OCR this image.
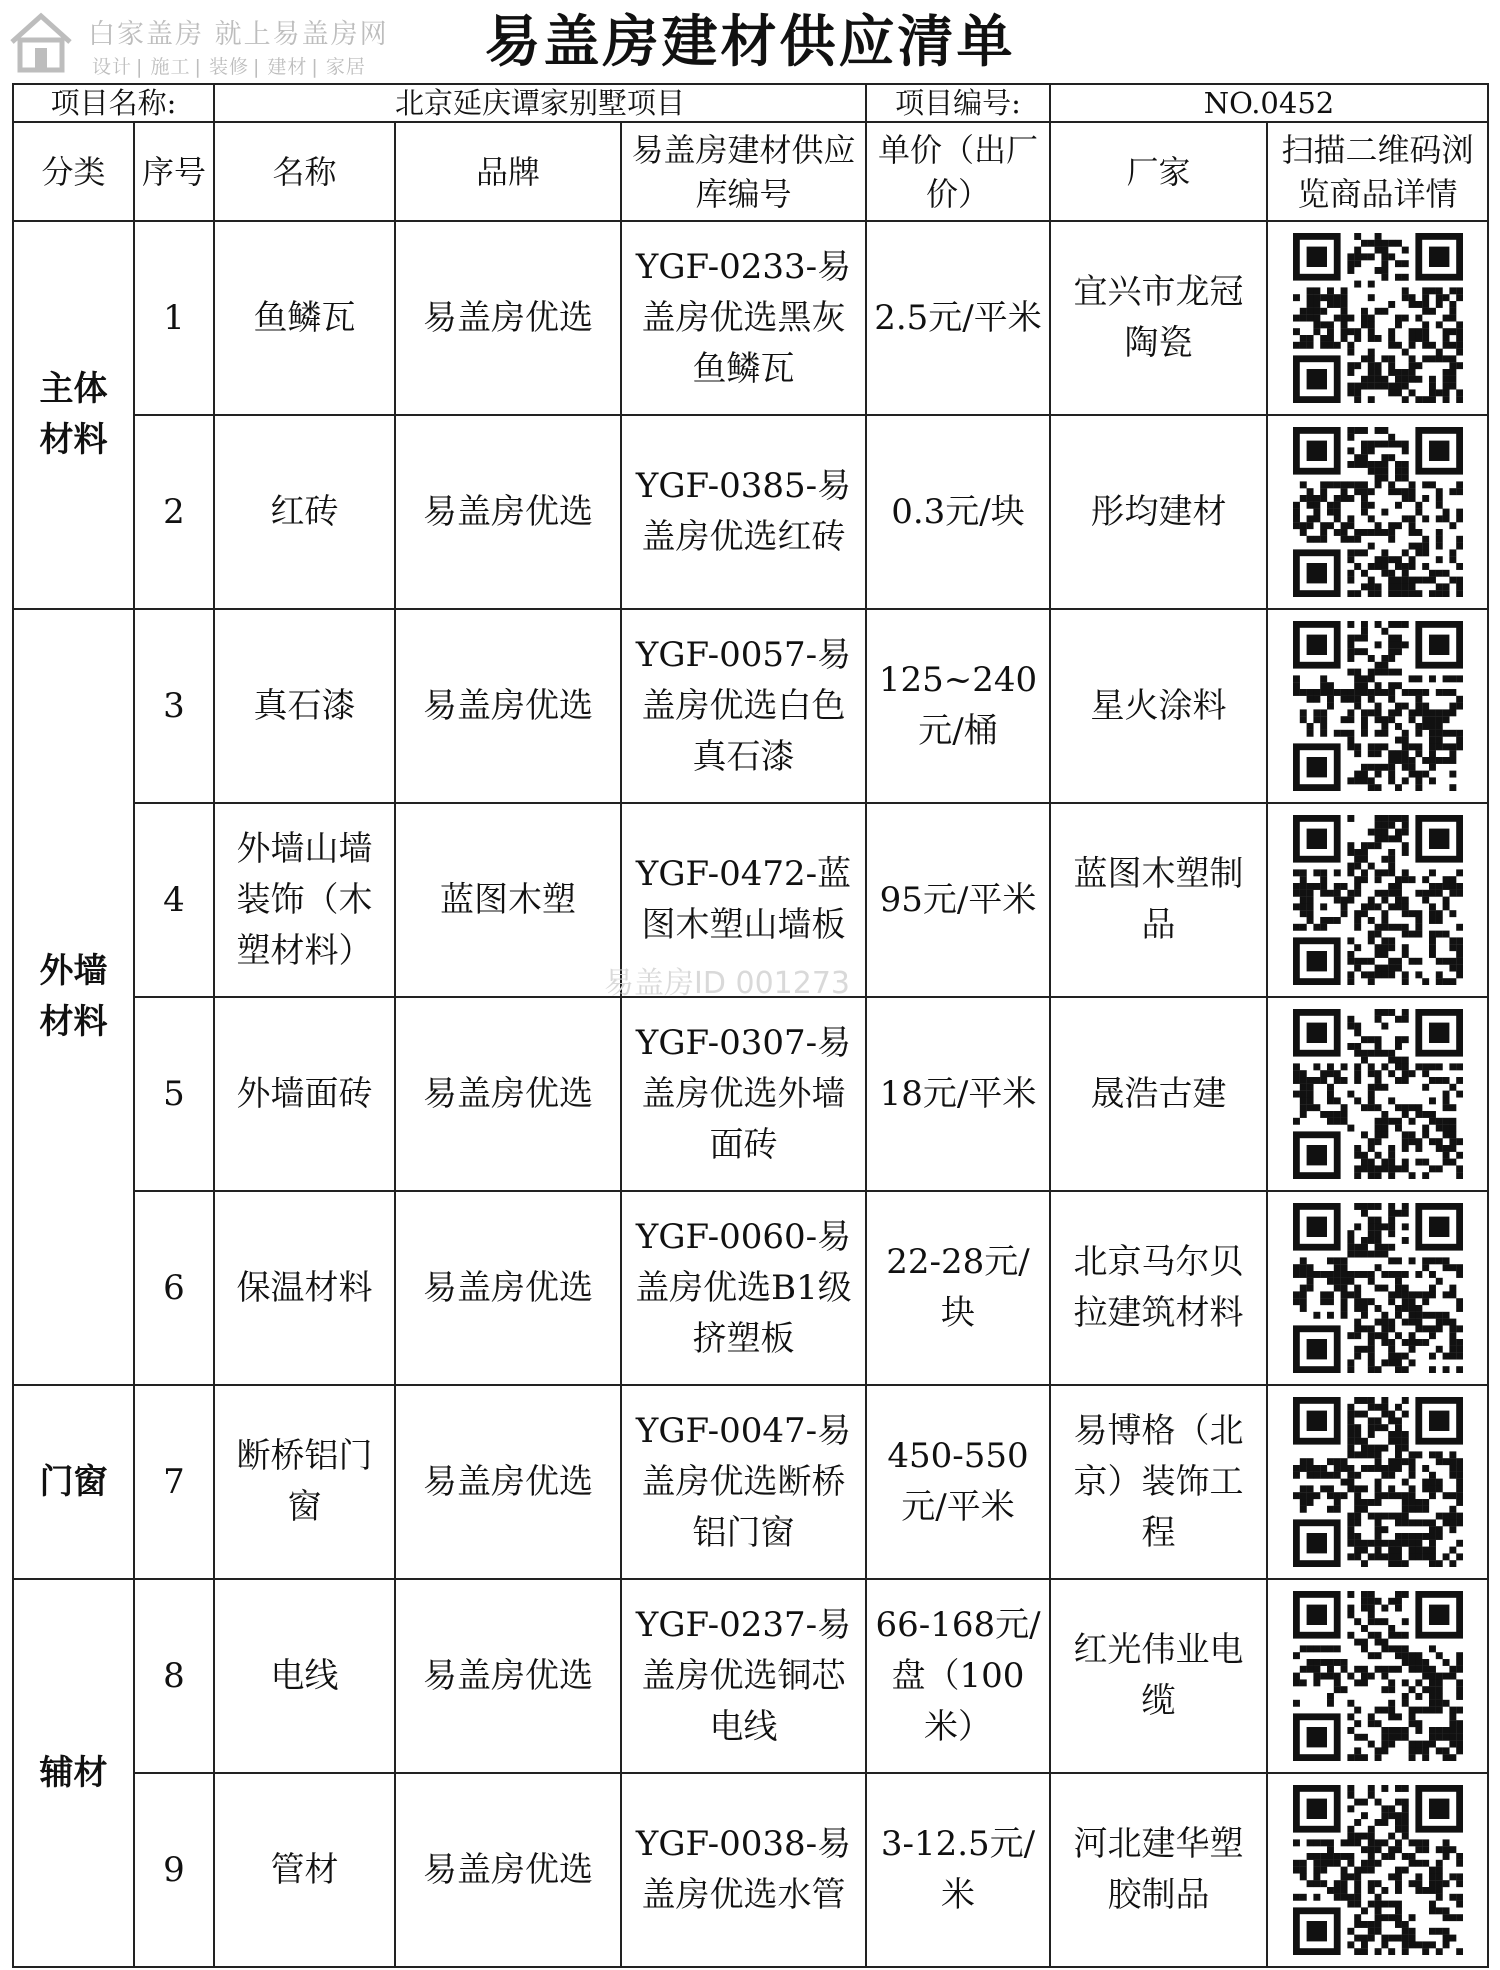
白家盖房 就上易盖房网
设计 | 施工 | 装修 | 建材 | 家居	易盖房建材供应清单
项目名称:		北京延庆谭家别墅项目			项目编号:	NO.0452	
分类	序号	名称	品牌	易盖房建材供应库编号	单价（出厂价）	厂家	扫描二维码浏览商品详情
主体材料	1	鱼鳞瓦	易盖房优选	YGF-0233-易盖房优选黑灰鱼鳞瓦	2.5元/平米	宜兴市龙冠陶瓷	

	2	红砖	易盖房优选	YGF-0385-易盖房优选红砖	0.3元/块	彤均建材	

外墙材料	3	真石漆	易盖房优选	YGF-0057-易盖房优选白色真石漆	125~240元/桶	星火涂料	

	4	外墙山墙装饰（木塑材料）	蓝图木塑	YGF-0472-蓝图木塑山墙板	95元/平米	蓝图木塑制品	

	5	外墙面砖	易盖房优选	YGF-0307-易盖房优选外墙面砖	18元/平米	晟浩古建	

	6	保温材料	易盖房优选	YGF-0060-易盖房优选B1级挤塑板	22-28元/块	北京马尔贝拉建筑材料	

门窗	7	断桥铝门窗	易盖房优选	YGF-0047-易盖房优选断桥铝门窗	450-550元/平米	易博格（北京）装饰工程	

辅材	8	电线	易盖房优选	YGF-0237-易盖房优选铜芯电线	66-168元/盘（100米）	红光伟业电缆	

	9	管材	易盖房优选	YGF-0038-易盖房优选水管	3-12.5元/米	河北建华塑胶制品	
易盖房ID 001273
